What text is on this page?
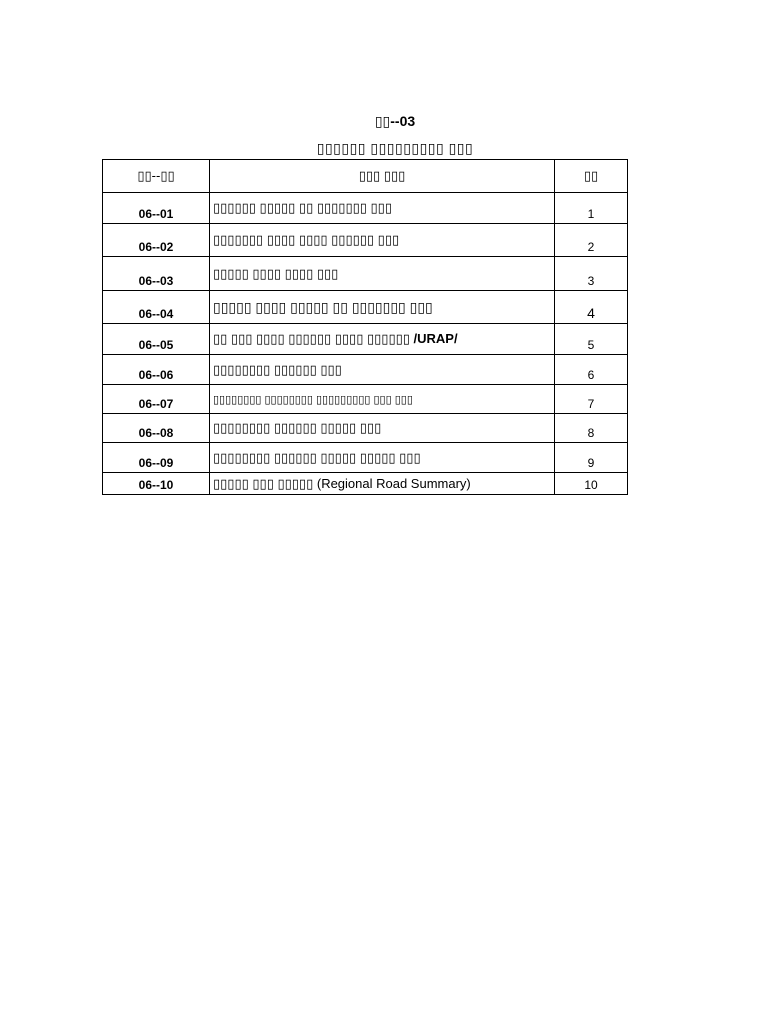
▯▯--03
▯▯▯▯▯▯ ▯▯▯▯▯▯▯▯▯ ▯▯▯
▯▯--▯▯	▯▯▯ ▯▯▯	▯▯
06--01	▯▯▯▯▯▯ ▯▯▯▯▯ ▯▯ ▯▯▯▯▯▯▯ ▯▯▯	1
06--02	▯▯▯▯▯▯▯ ▯▯▯▯ ▯▯▯▯ ▯▯▯▯▯▯ ▯▯▯	2
06--03	▯▯▯▯▯ ▯▯▯▯ ▯▯▯▯ ▯▯▯	3
06--04	▯▯▯▯▯ ▯▯▯▯ ▯▯▯▯▯ ▯▯ ▯▯▯▯▯▯▯ ▯▯▯	4
06--05	▯▯ ▯▯▯ ▯▯▯▯ ▯▯▯▯▯▯ ▯▯▯▯ ▯▯▯▯▯▯ /URAP/	5
06--06	▯▯▯▯▯▯▯▯ ▯▯▯▯▯▯ ▯▯▯	6
06--07	▯▯▯▯▯▯▯▯ ▯▯▯▯▯▯▯▯ ▯▯▯▯▯▯▯▯▯ ▯▯▯ ▯▯▯	7
06--08	▯▯▯▯▯▯▯▯ ▯▯▯▯▯▯ ▯▯▯▯▯ ▯▯▯	8
06--09	▯▯▯▯▯▯▯▯ ▯▯▯▯▯▯ ▯▯▯▯▯ ▯▯▯▯▯ ▯▯▯	9
06--10	▯▯▯▯▯ ▯▯▯ ▯▯▯▯▯ (Regional Road Summary)	10
